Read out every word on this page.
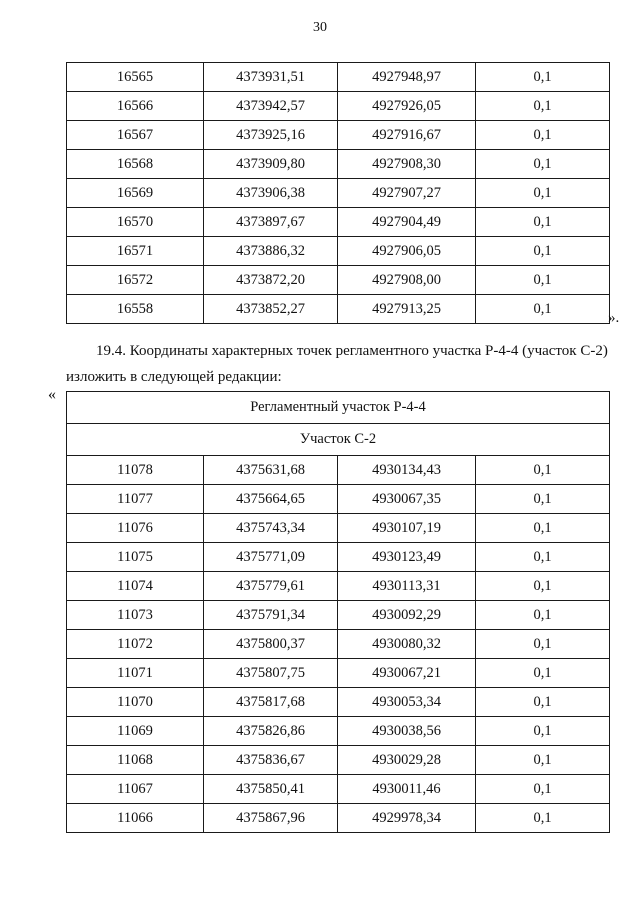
30
16565	4373931,51	4927948,97	0,1
16566	4373942,57	4927926,05	0,1
16567	4373925,16	4927916,67	0,1
16568	4373909,80	4927908,30	0,1
16569	4373906,38	4927907,27	0,1
16570	4373897,67	4927904,49	0,1
16571	4373886,32	4927906,05	0,1
16572	4373872,20	4927908,00	0,1
16558	4373852,27	4927913,25	0,1
».
19.4. Координаты характерных точек регламентного участка Р-4-4 (участок С-2)
изложить в следующей редакции:
«
Регламентный участок Р-4-4			
Участок С-2			
11078	4375631,68	4930134,43	0,1
11077	4375664,65	4930067,35	0,1
11076	4375743,34	4930107,19	0,1
11075	4375771,09	4930123,49	0,1
11074	4375779,61	4930113,31	0,1
11073	4375791,34	4930092,29	0,1
11072	4375800,37	4930080,32	0,1
11071	4375807,75	4930067,21	0,1
11070	4375817,68	4930053,34	0,1
11069	4375826,86	4930038,56	0,1
11068	4375836,67	4930029,28	0,1
11067	4375850,41	4930011,46	0,1
11066	4375867,96	4929978,34	0,1
